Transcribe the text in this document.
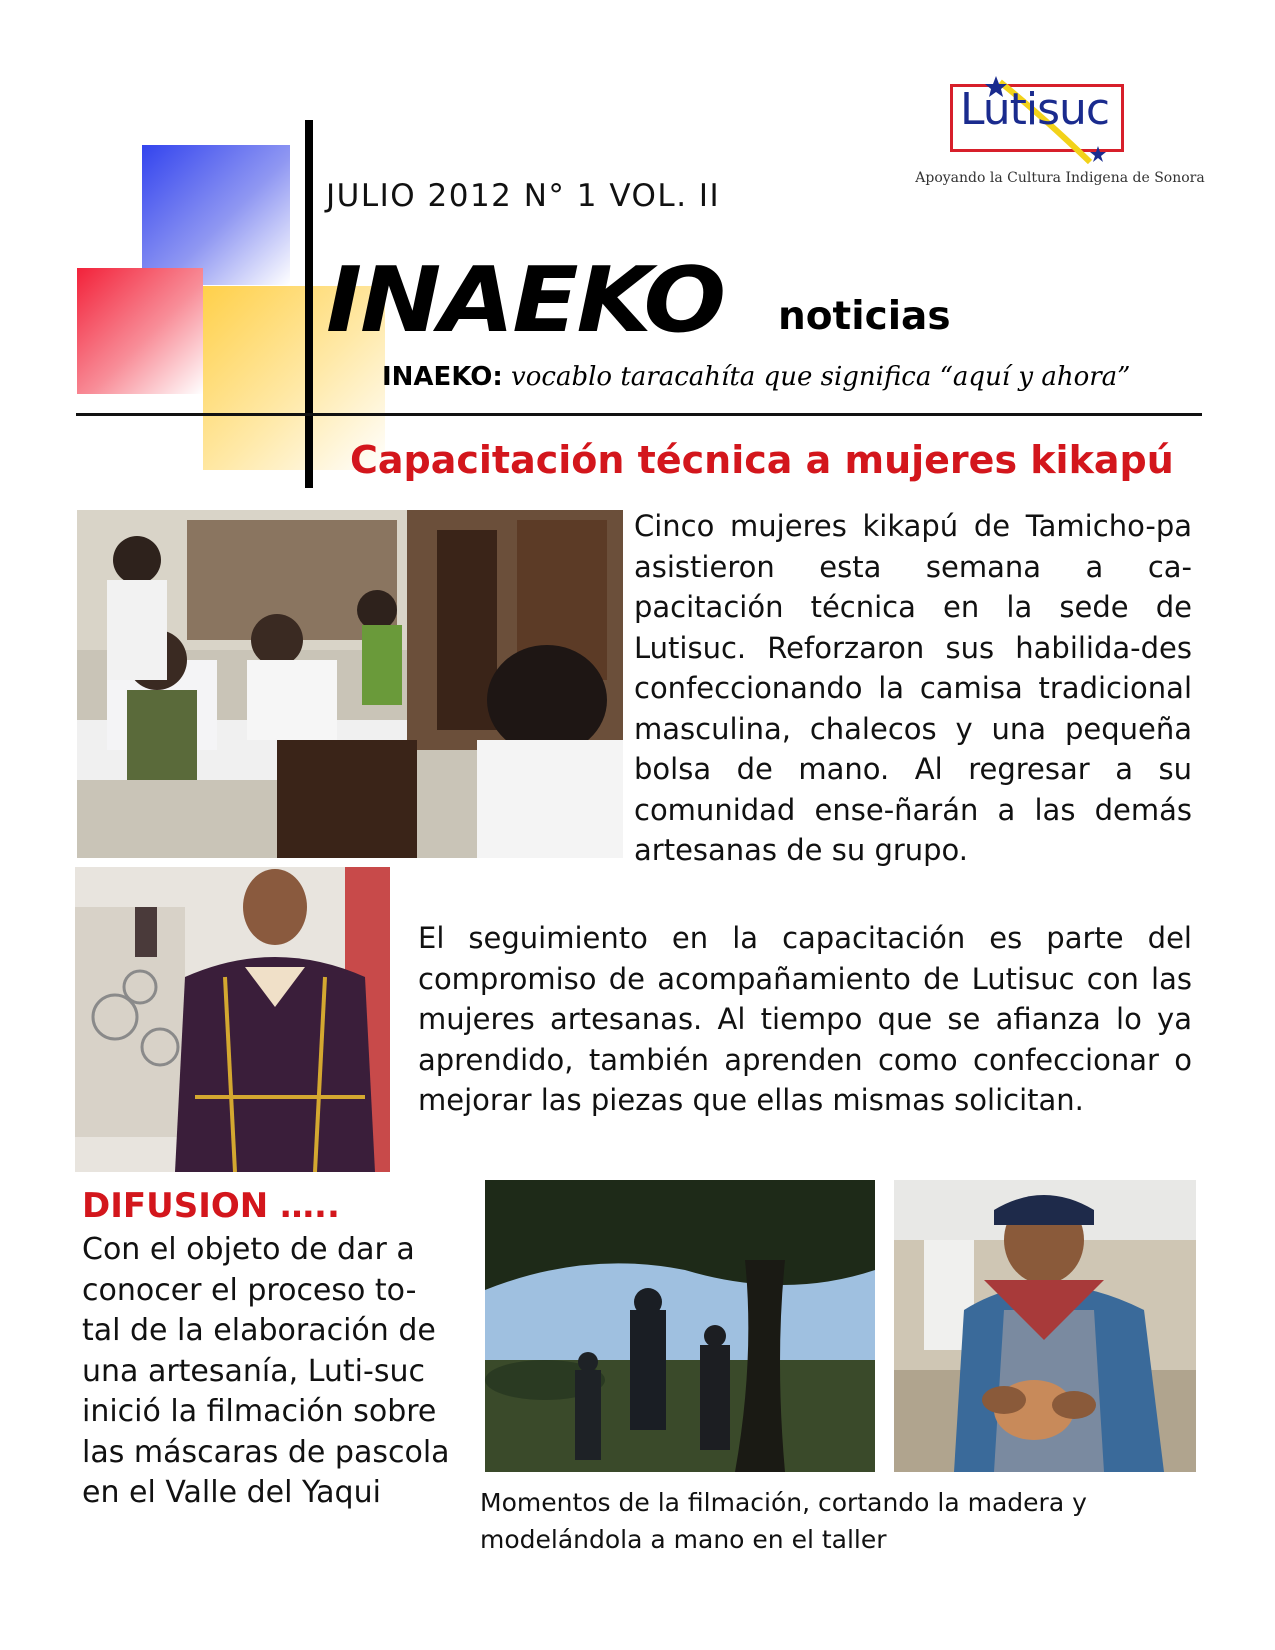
JULIO 2012 N° 1 VOL. II
INAEKO noticias
INAEKO: vocablo taracahíta que significa “aquí y ahora”
Lutisuc
Apoyando la Cultura Indigena de Sonora
Capacitación técnica a mujeres kikapú
Cinco mujeres kikapú de Tamicho-pa asistieron esta semana a ca-pacitación técnica en la sede de Lutisuc. Reforzaron sus habilida-des confeccionando la camisa tradicional masculina, chalecos y una pequeña bolsa de mano. Al regresar a su comunidad ense-ñarán a las demás artesanas de su grupo.
El seguimiento en la capacitación es parte del compromiso de acompañamiento de Lutisuc con las mujeres artesanas. Al tiempo que se afianza lo ya aprendido, también aprenden como confeccionar o mejorar las piezas que ellas mismas solicitan.
DIFUSION …..
Con el objeto de dar a conocer el proceso to-tal de la elaboración de una artesanía, Luti-suc inició la filmación sobre las máscaras de pascola en el Valle del Yaqui	Momentos de la filmación, cortando la madera y modelándola a mano en el taller
